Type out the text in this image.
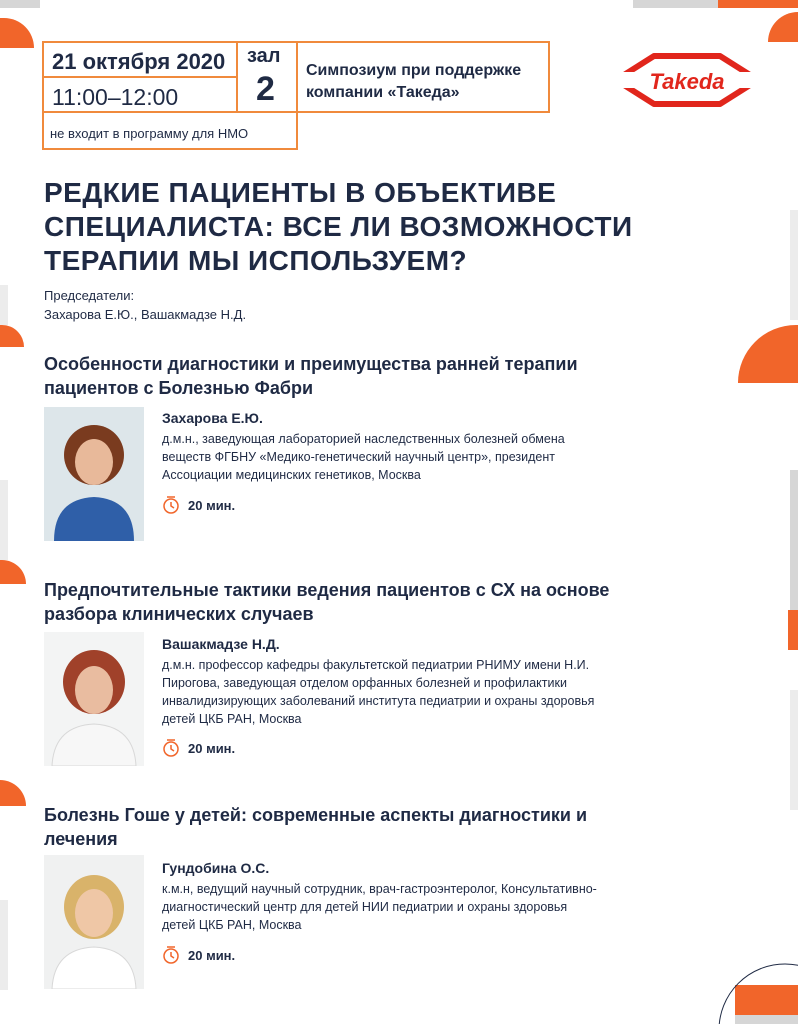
21 октября 2020
11:00–12:00
зал
2 Симпозиум при поддержке компании «Такеда»
не входит в программу для НМО
Takeda
РЕДКИЕ ПАЦИЕНТЫ В ОБЪЕКТИВЕ СПЕЦИАЛИСТА: ВСЕ ЛИ ВОЗМОЖНОСТИ ТЕРАПИИ МЫ ИСПОЛЬЗУЕМ?
Председатели:
Захарова Е.Ю., Вашакмадзе Н.Д.
Особенности диагностики и преимущества ранней терапии пациентов с Болезнью Фабри
Захарова Е.Ю.
д.м.н., заведующая лабораторией наследственных болезней обмена веществ ФГБНУ «Медико-генетический научный центр», президент Ассоциации медицинских генетиков, Москва
20 мин.
Предпочтительные тактики ведения пациентов с СХ на основе разбора клинических случаев
Вашакмадзе Н.Д.
д.м.н. профессор кафедры факультетской педиатрии РНИМУ имени Н.И. Пирогова, заведующая отделом орфанных болезней и профилактики инвалидизирующих заболеваний института педиатрии и охраны здоровья детей ЦКБ РАН, Москва
20 мин.
Болезнь Гоше у детей: современные аспекты диагностики и лечения
Гундобина О.С.
к.м.н, ведущий научный сотрудник, врач-гастроэнтеролог, Консультативно-диагностический центр для детей НИИ педиатрии и охраны здоровья детей ЦКБ РАН, Москва
20 мин.
